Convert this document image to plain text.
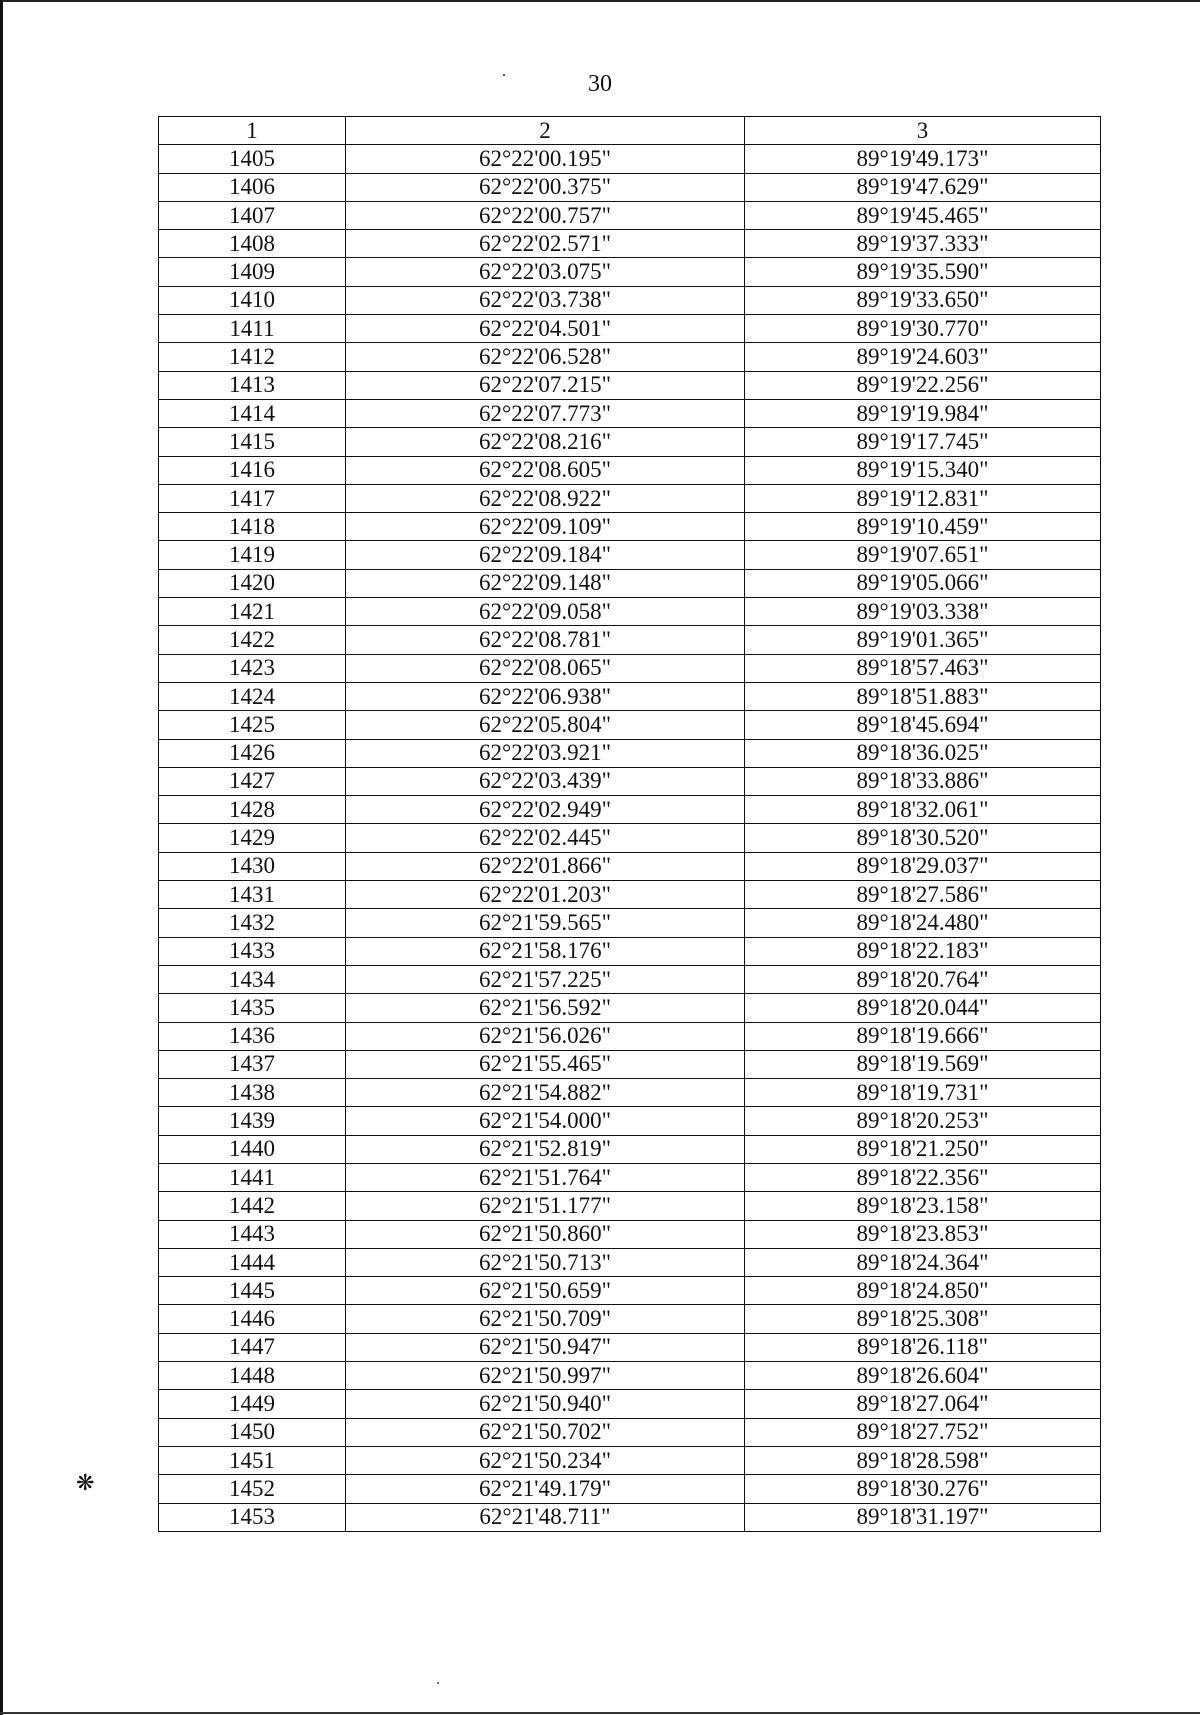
❋
30
1	2	3
1405	62°22'00.195"	89°19'49.173"
1406	62°22'00.375"	89°19'47.629"
1407	62°22'00.757"	89°19'45.465"
1408	62°22'02.571"	89°19'37.333"
1409	62°22'03.075"	89°19'35.590"
1410	62°22'03.738"	89°19'33.650"
1411	62°22'04.501"	89°19'30.770"
1412	62°22'06.528"	89°19'24.603"
1413	62°22'07.215"	89°19'22.256"
1414	62°22'07.773"	89°19'19.984"
1415	62°22'08.216"	89°19'17.745"
1416	62°22'08.605"	89°19'15.340"
1417	62°22'08.922"	89°19'12.831"
1418	62°22'09.109"	89°19'10.459"
1419	62°22'09.184"	89°19'07.651"
1420	62°22'09.148"	89°19'05.066"
1421	62°22'09.058"	89°19'03.338"
1422	62°22'08.781"	89°19'01.365"
1423	62°22'08.065"	89°18'57.463"
1424	62°22'06.938"	89°18'51.883"
1425	62°22'05.804"	89°18'45.694"
1426	62°22'03.921"	89°18'36.025"
1427	62°22'03.439"	89°18'33.886"
1428	62°22'02.949"	89°18'32.061"
1429	62°22'02.445"	89°18'30.520"
1430	62°22'01.866"	89°18'29.037"
1431	62°22'01.203"	89°18'27.586"
1432	62°21'59.565"	89°18'24.480"
1433	62°21'58.176"	89°18'22.183"
1434	62°21'57.225"	89°18'20.764"
1435	62°21'56.592"	89°18'20.044"
1436	62°21'56.026"	89°18'19.666"
1437	62°21'55.465"	89°18'19.569"
1438	62°21'54.882"	89°18'19.731"
1439	62°21'54.000"	89°18'20.253"
1440	62°21'52.819"	89°18'21.250"
1441	62°21'51.764"	89°18'22.356"
1442	62°21'51.177"	89°18'23.158"
1443	62°21'50.860"	89°18'23.853"
1444	62°21'50.713"	89°18'24.364"
1445	62°21'50.659"	89°18'24.850"
1446	62°21'50.709"	89°18'25.308"
1447	62°21'50.947"	89°18'26.118"
1448	62°21'50.997"	89°18'26.604"
1449	62°21'50.940"	89°18'27.064"
1450	62°21'50.702"	89°18'27.752"
1451	62°21'50.234"	89°18'28.598"
1452	62°21'49.179"	89°18'30.276"
1453	62°21'48.711"	89°18'31.197"
